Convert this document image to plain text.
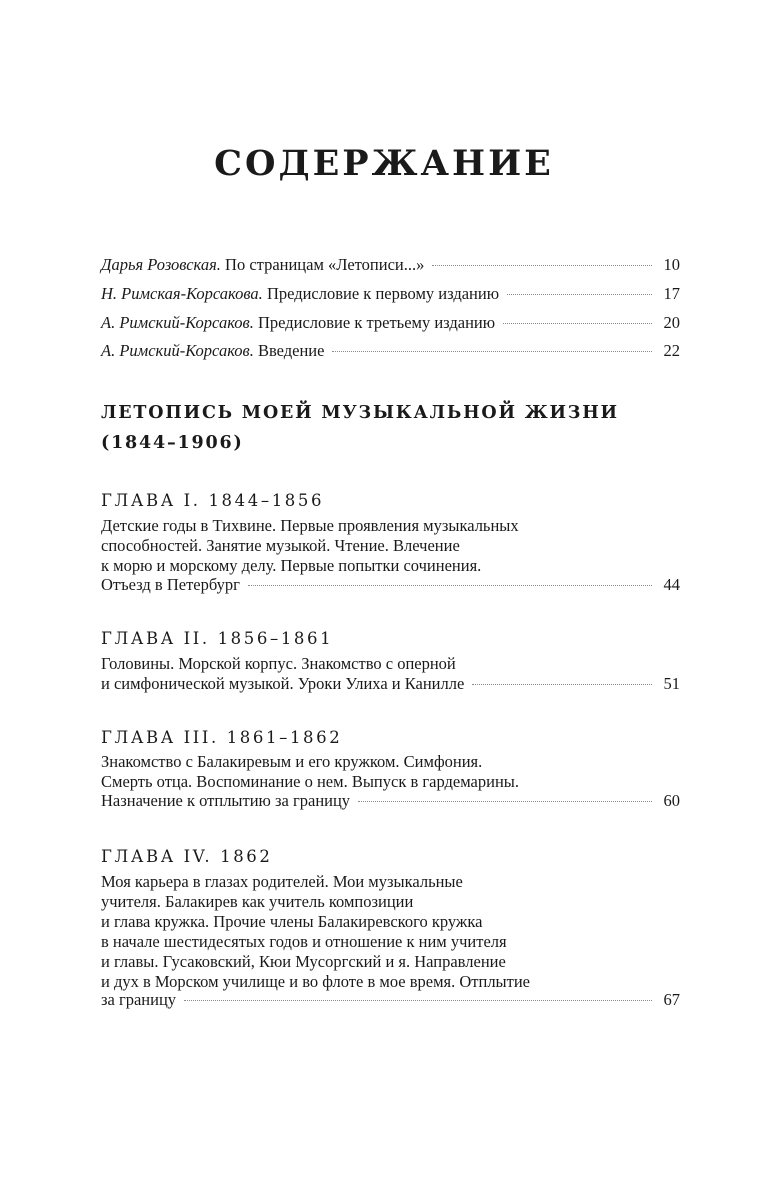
СОДЕРЖАНИЕ
Дарья Розовская. По страницам «Летописи...»	10
Н. Римская-Корсакова. Предисловие к первому изданию	17
А. Римский-Корсаков. Предисловие к третьему изданию	20
А. Римский-Корсаков. Введение	22
ЛЕТОПИСЬ МОЕЙ МУЗЫКАЛЬНОЙ ЖИЗНИ
(1844–1906)
ГЛАВА I. 1844–1856
Детские годы в Тихвине. Первые проявления музыкальных
способностей. Занятие музыкой. Чтение. Влечение
к морю и морскому делу. Первые попытки сочинения.
Отъезд в Петербург	44
ГЛАВА II. 1856–1861
Головины. Морской корпус. Знакомство с оперной
и симфонической музыкой. Уроки Улиха и Канилле	51
ГЛАВА III. 1861–1862
Знакомство с Балакиревым и его кружком. Симфония.
Смерть отца. Воспоминание о нем. Выпуск в гардемарины.
Назначение к отплытию за границу	60
ГЛАВА IV. 1862
Моя карьера в глазах родителей. Мои музыкальные
учителя. Балакирев как учитель композиции
и глава кружка. Прочие члены Балакиревского кружка
в начале шестидесятых годов и отношение к ним учителя
и главы. Гусаковский, Кюи Мусоргский и я. Направление
и дух в Морском училище и во флоте в мое время. Отплытие
за границу	67
